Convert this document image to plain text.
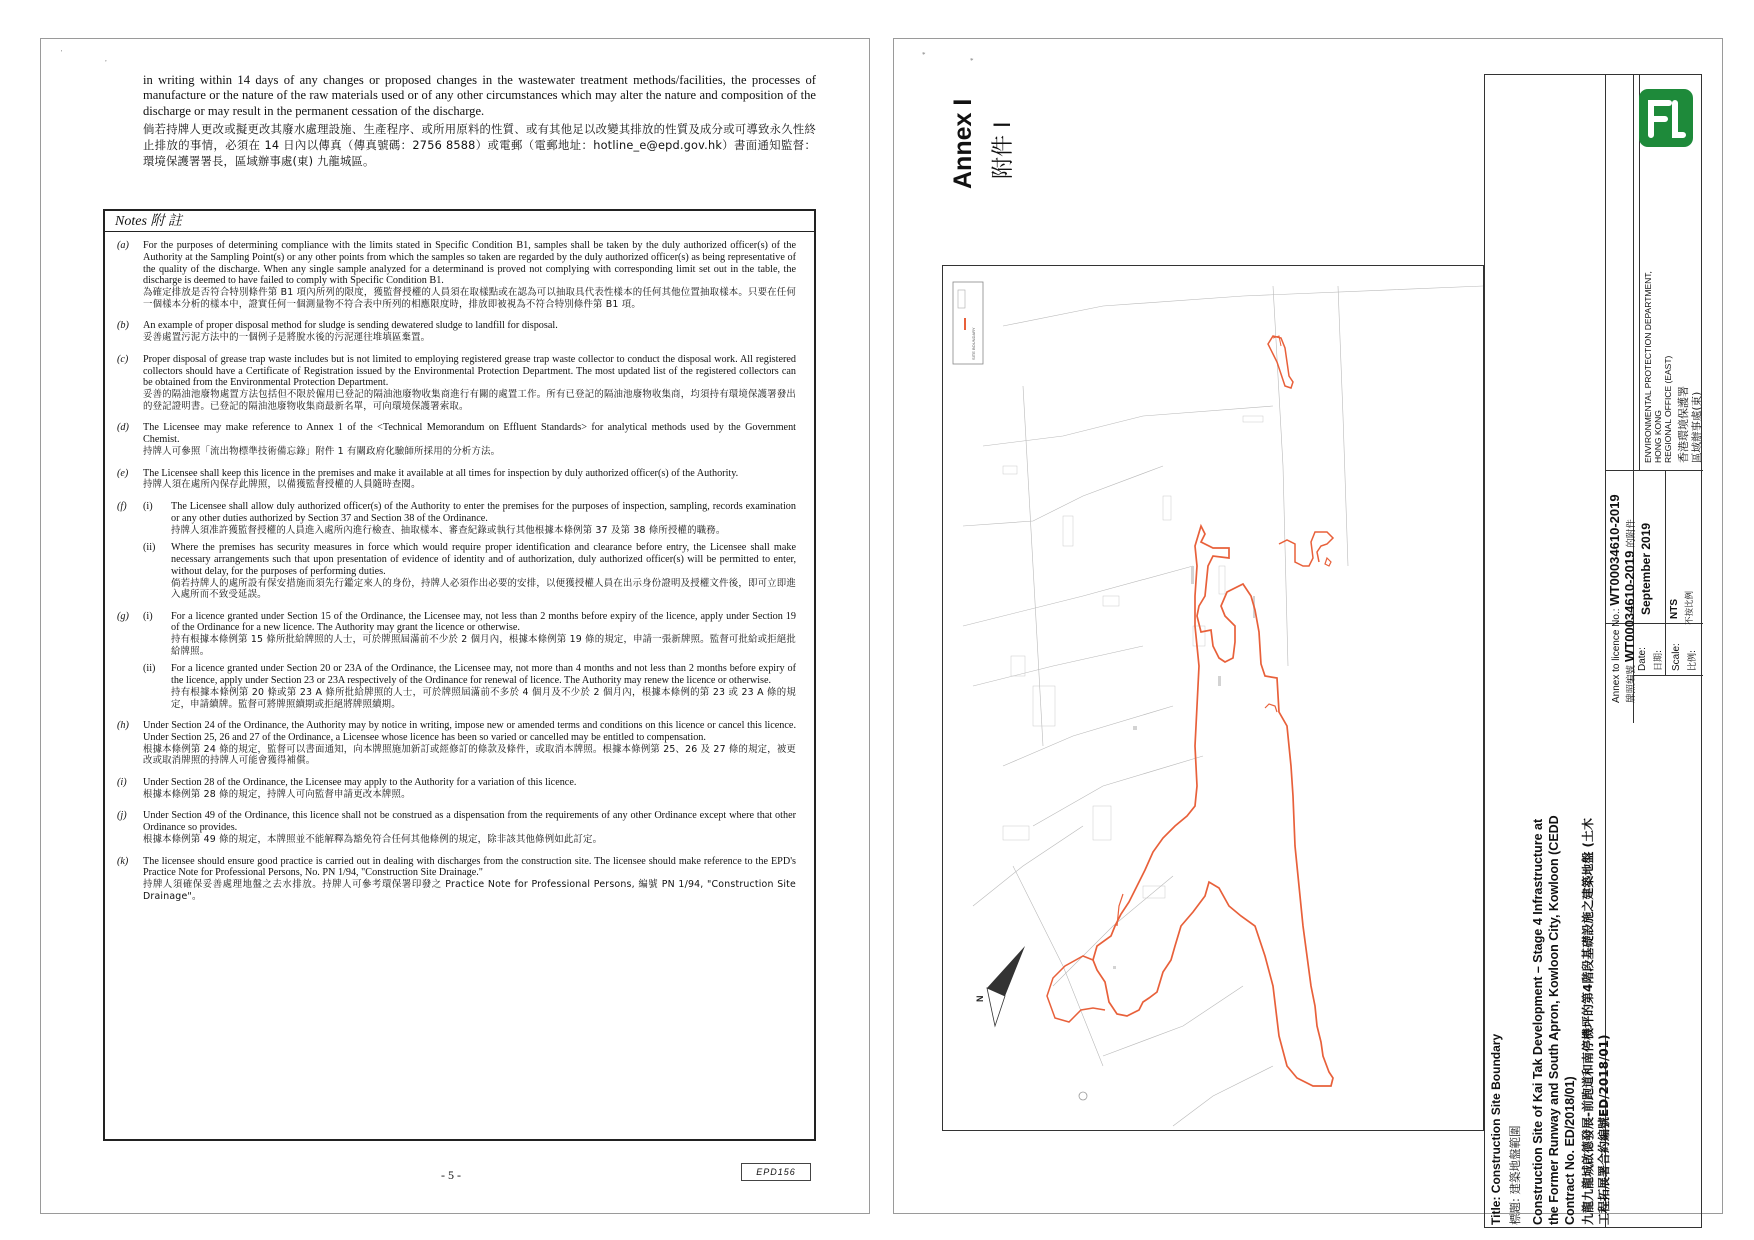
'
,

in writing within 14 days of any changes or proposed changes in the wastewater treatment methods/facilities, the processes of manufacture or the nature of the raw materials used or of any other circumstances which may alter the nature and composition of the discharge or may result in the permanent cessation of the discharge.

倘若持牌人更改或擬更改其廢水處理設施、生產程序、或所用原料的性質、或有其他足以改變其排放的性質及成分或可導致永久性終止排放的事情，必須在 14 日內以傳真（傳真號碼：2756 8588）或電郵（電郵地址：hotline_e@epd.gov.hk）書面通知監督：環境保護署署長，區域辦事處(東) 九龍城區。

Notes 附 註
(a) For the purposes of determining compliance with the limits stated in Specific Condition B1, samples shall be taken by the duly authorized officer(s) of the Authority at the Sampling Point(s) or any other points from which the samples so taken are regarded by the duly authorized officer(s) as being representative of the quality of the discharge. When any single sample analyzed for a determinand is proved not complying with corresponding limit set out in the table, the discharge is deemed to have failed to comply with Specific Condition B1.

為確定排放是否符合特別條件第 B1 項內所列的限度，獲監督授權的人員須在取樣點或在認為可以抽取具代表性樣本的任何其他位置抽取樣本。只要在任何一個樣本分析的樣本中，證實任何一個測量物不符合表中所列的相應限度時，排放即被視為不符合特別條件第 B1 項。

(b) An example of proper disposal method for sludge is sending dewatered sludge to landfill for disposal.

妥善處置污泥方法中的一個例子是將脫水後的污泥運往堆填區棄置。

(c) Proper disposal of grease trap waste includes but is not limited to employing registered grease trap waste collector to conduct the disposal work. All registered collectors should have a Certificate of Registration issued by the Environmental Protection Department. The most updated list of the registered collectors can be obtained from the Environmental Protection Department.

妥善的隔油池廢物處置方法包括但不限於僱用已登記的隔油池廢物收集商進行有關的處置工作。所有已登記的隔油池廢物收集商，均須持有環境保護署發出的登記證明書。已登記的隔油池廢物收集商最新名單，可向環境保護署索取。

(d) The Licensee may make reference to Annex 1 of the <Technical Memorandum on Effluent Standards> for analytical methods used by the Government Chemist.

持牌人可參照「流出物標準技術備忘錄」附件 1 有關政府化驗師所採用的分析方法。

(e) The Licensee shall keep this licence in the premises and make it available at all times for inspection by duly authorized officer(s) of the Authority.

持牌人須在處所內保存此牌照，以備獲監督授權的人員隨時查閱。

(f) (i) The Licensee shall allow duly authorized officer(s) of the Authority to enter the premises for the purposes of inspection, sampling, records examination or any other duties authorized by Section 37 and Section 38 of the Ordinance.

持牌人須准許獲監督授權的人員進入處所內進行檢查、抽取樣本、審查紀錄或執行其他根據本條例第 37 及第 38 條所授權的職務。

(ii) Where the premises has security measures in force which would require proper identification and clearance before entry, the Licensee shall make necessary arrangements such that upon presentation of evidence of identity and of authorization, duly authorized officer(s) will be permitted to enter, without delay, for the purposes of performing duties.

倘若持牌人的處所設有保安措施而須先行鑑定來人的身份，持牌人必須作出必要的安排，以便獲授權人員在出示身份證明及授權文件後，即可立即進入處所而不致受延誤。

(g) (i) For a licence granted under Section 15 of the Ordinance, the Licensee may, not less than 2 months before expiry of the licence, apply under Section 19 of the Ordinance for a new licence. The Authority may grant the licence or otherwise.

持有根據本條例第 15 條所批給牌照的人士，可於牌照屆滿前不少於 2 個月內，根據本條例第 19 條的規定，申請一張新牌照。監督可批給或拒絕批給牌照。

(ii) For a licence granted under Section 20 or 23A of the Ordinance, the Licensee may, not more than 4 months and not less than 2 months before expiry of the licence, apply under Section 23 or 23A respectively of the Ordinance for renewal of licence. The Authority may renew the licence or otherwise.

持有根據本條例第 20 條或第 23 A 條所批給牌照的人士，可於牌照屆滿前不多於 4 個月及不少於 2 個月內，根據本條例的第 23 或 23 A 條的規定，申請續牌。監督可將牌照續期或拒絕將牌照續期。

(h) Under Section 24 of the Ordinance, the Authority may by notice in writing, impose new or amended terms and conditions on this licence or cancel this licence. Under Section 25, 26 and 27 of the Ordinance, a Licensee whose licence has been so varied or cancelled may be entitled to compensation.

根據本條例第 24 條的規定，監督可以書面通知，向本牌照施加新訂或經修訂的條款及條件，或取消本牌照。根據本條例第 25、26 及 27 條的規定，被更改或取消牌照的持牌人可能會獲得補償。

(i) Under Section 28 of the Ordinance, the Licensee may apply to the Authority for a variation of this licence.

根據本條例第 28 條的規定，持牌人可向監督申請更改本牌照。

(j) Under Section 49 of the Ordinance, this licence shall not be construed as a dispensation from the requirements of any other Ordinance except where that other Ordinance so provides.

根據本條例第 49 條的規定，本牌照並不能解釋為豁免符合任何其他條例的規定，除非該其他條例如此訂定。

(k) The licensee should ensure good practice is carried out in dealing with discharges from the construction site. The licensee should make reference to the EPD's Practice Note for Professional Persons, No. PN 1/94, "Construction Site Drainage."

持牌人須確保妥善處理地盤之去水排放。持牌人可參考環保署印發之 Practice Note for Professional Persons, 編號 PN 1/94, "Construction Site Drainage"。

- 5 -	EPD156
*
*
Annex I 附件 I
SITE BOUNDARY
N
Title: Construction Site Boundary 標題: 建築地盤範圍 Construction Site of Kai Tak Development – Stage 4 Infrastructure at the Former Runway and South Apron, Kowloon City, Kowloon (CEDD Contract No. ED/2018/01) 九龍九龍城啟德發展-前跑道和南停機坪的第4階段基礎設施之建築地盤 (土木 工程拓展署合約編號ED/2018/01)
Annex to licence No.: WT00034610-2019
牌照編號 WT00034610-2019 的附件
Date: 日期:
September 2019
Scale: 比例:
NTS 不按比例
ENVIRONMENTAL PROTECTION DEPARTMENT, HONG KONG REGIONAL OFFICE (EAST) 香港環境保護署 區域辦事處(東)
